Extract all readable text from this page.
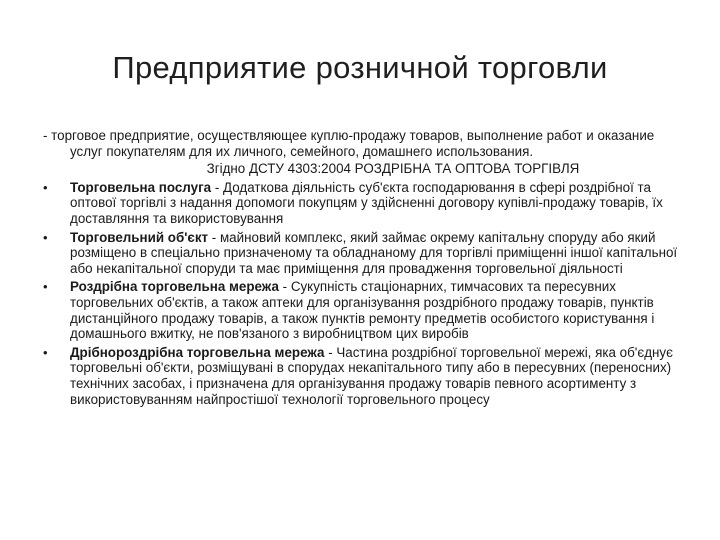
Предприятие розничной торговли
- торговое предприятие, осуществляющее куплю-продажу товаров, выполнение работ и оказание услуг покупателям для их личного, семейного, домашнего использования.
Згідно ДСТУ 4303:2004 РОЗДРІБНА ТА ОПТОВА ТОРГІВЛЯ
•	Торговельна послуга - Додаткова діяльність суб'єкта господарювання в сфері роздрібної та оптової торгівлі з надання допомоги покупцям у здійсненні договору купівлі-продажу товарів, їх доставляння та використовування
•	Торговельний об'єкт - майновий комплекс, який займає окрему капітальну споруду або який розміщено в спеціально призначеному та обладнаному для торгівлі приміщенні іншої капітальної або некапітальної споруди та має приміщення для провадження торговельної діяльності
•	Роздрібна торговельна мережа - Сукупність стаціонарних, тимчасових та пересувних торговельних об'єктів, а також аптеки для організування роздрібного продажу товарів, пунктів дистанційного продажу товарів, а також пунктів ремонту предметів особистого користування і домашнього вжитку, не пов'язаного з виробництвом цих виробів
•	Дрібнороздрібна торговельна мережа - Частина роздрібної торговельної мережі, яка об'єднує торговельні об'єкти, розміщувані в спорудах некапітального типу або в пересувних (переносних) технічних засобах, і призначена для організування продажу товарів певного асортименту з використовуванням найпростішої технології торговельного процесу
